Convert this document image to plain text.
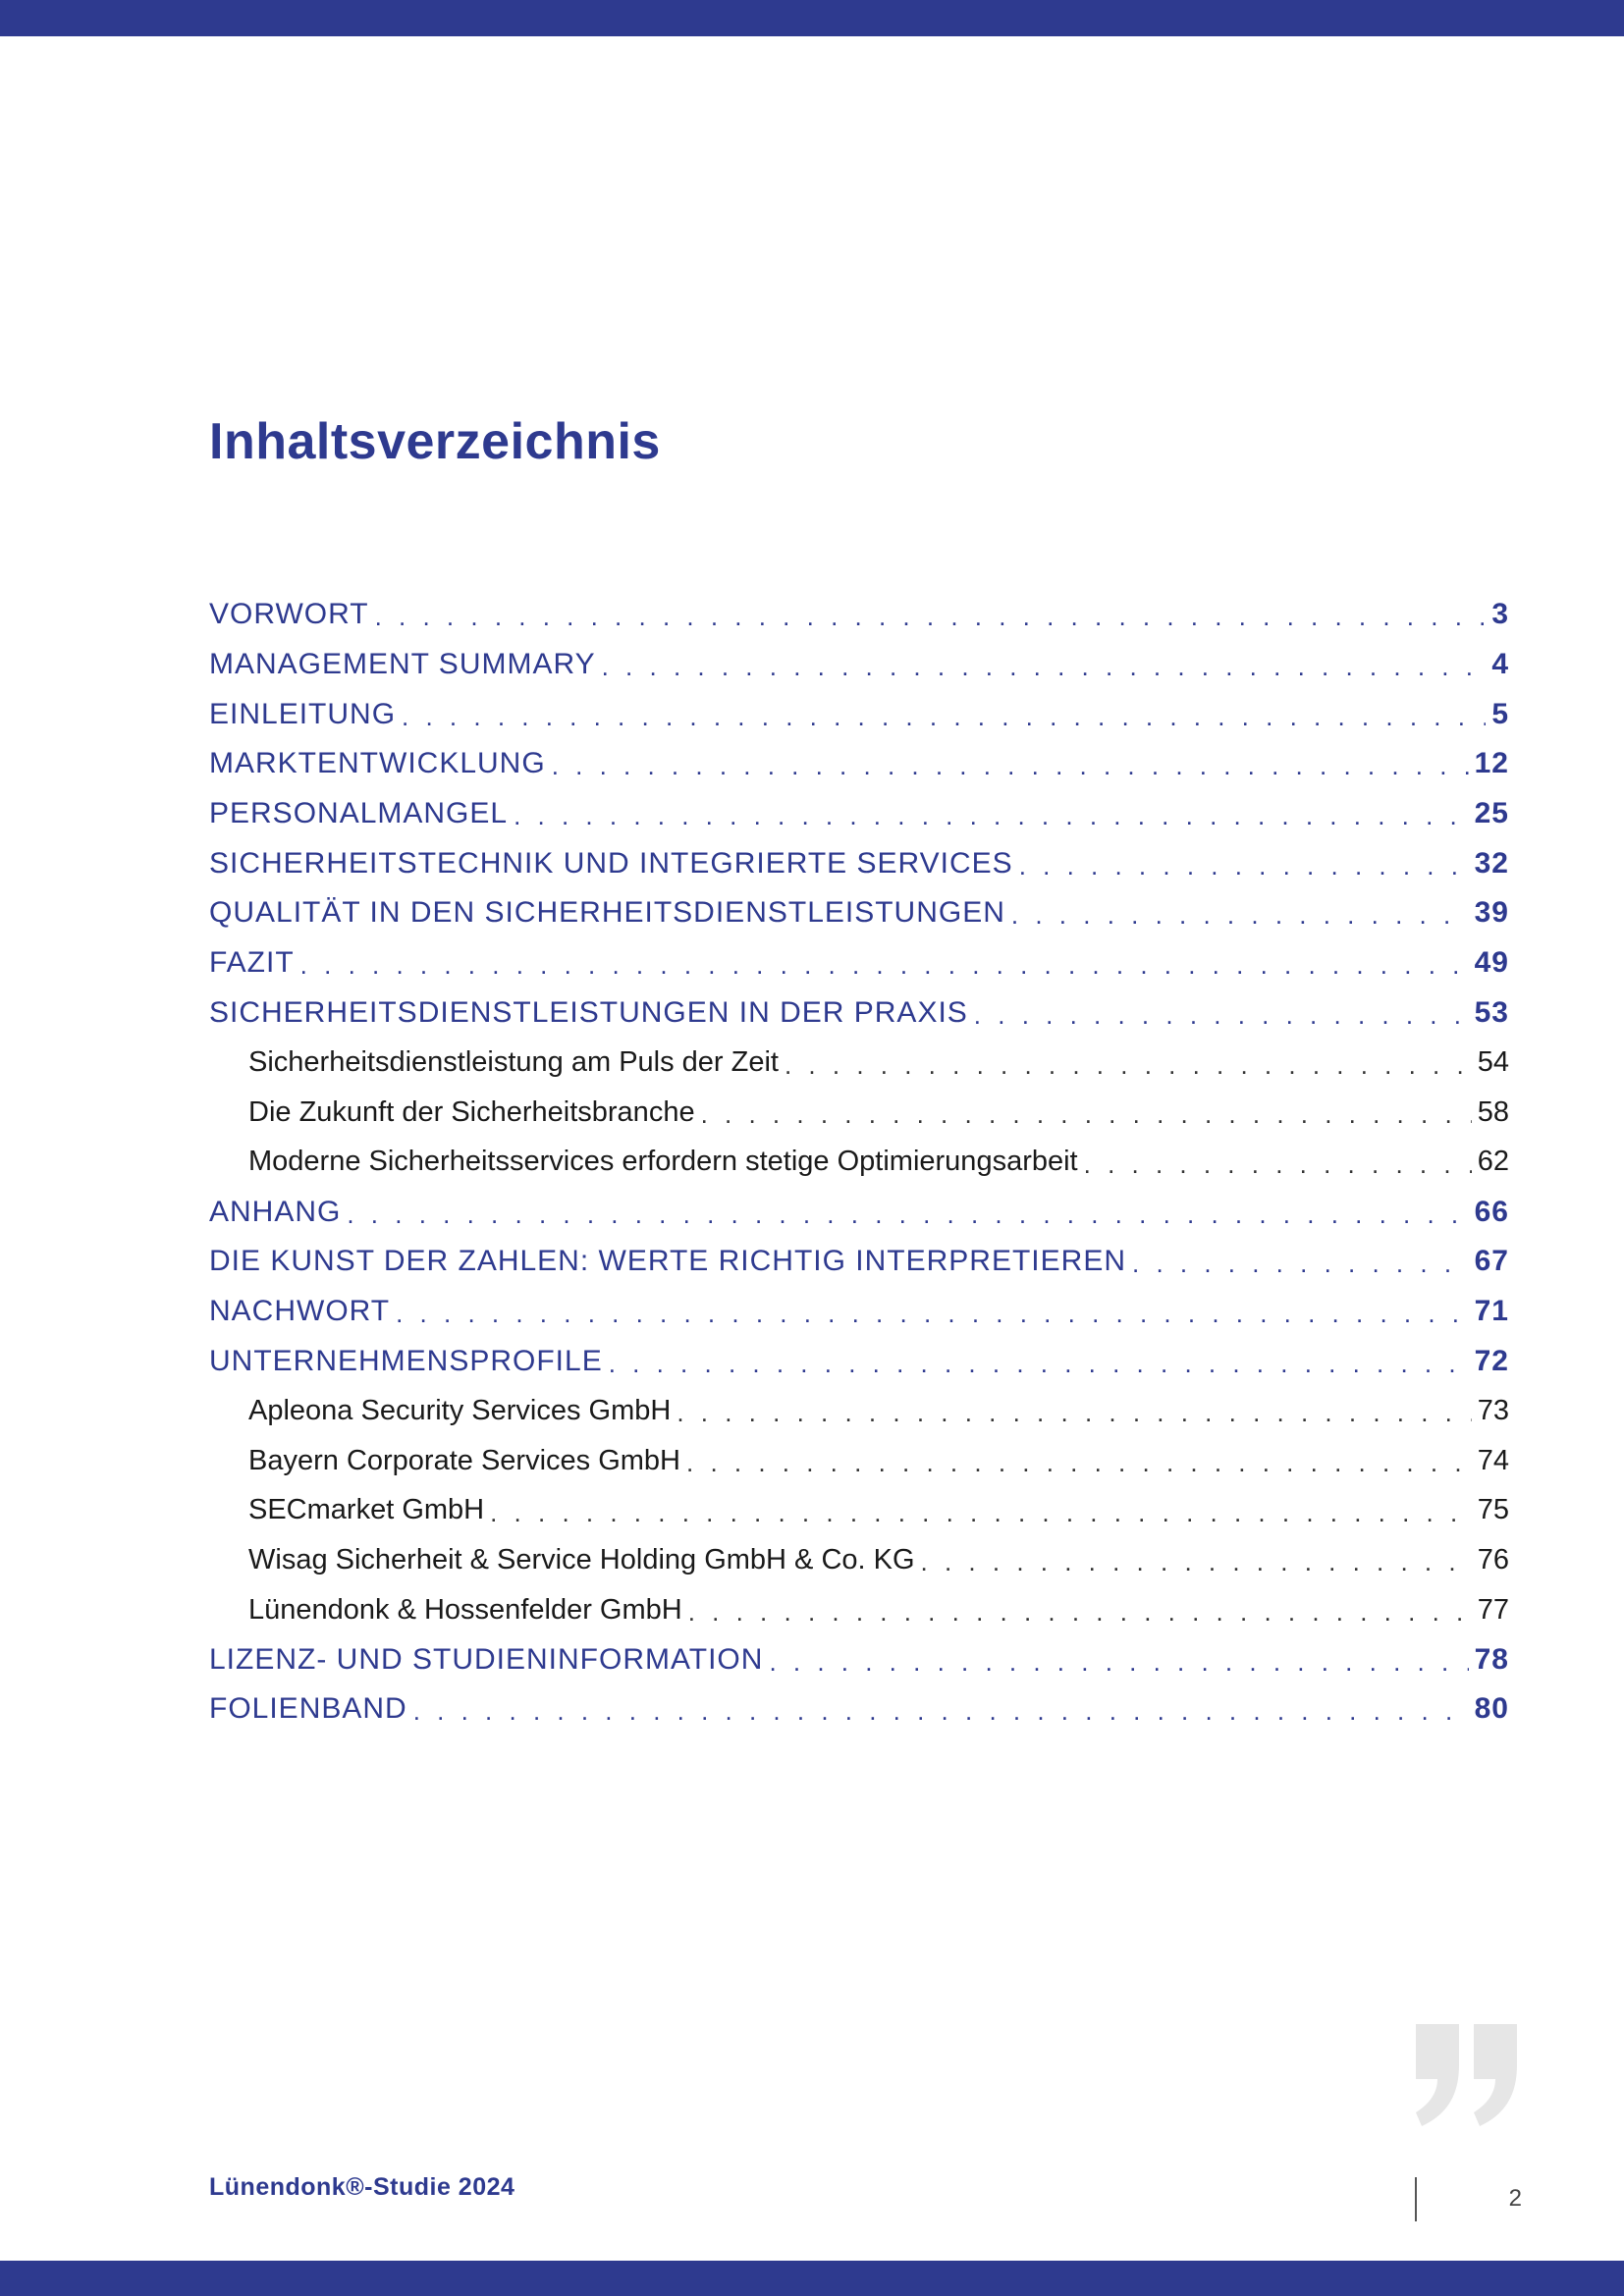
Inhaltsverzeichnis
VORWORT . . .	3
MANAGEMENT SUMMARY . . .	4
EINLEITUNG . . .	5
MARKTENTWICKLUNG . . .	12
PERSONALMANGEL . . .	25
SICHERHEITSTECHNIK UND INTEGRIERTE SERVICES . . .	32
QUALITÄT IN DEN SICHERHEITSDIENSTLEISTUNGEN . . .	39
FAZIT . . .	49
SICHERHEITSDIENSTLEISTUNGEN IN DER PRAXIS . . .	53
Sicherheitsdienstleistung am Puls der Zeit . . .	54
Die Zukunft der Sicherheitsbranche . . .	58
Moderne Sicherheitsservices erfordern stetige Optimierungsarbeit . . .	62
ANHANG . . .	66
DIE KUNST DER ZAHLEN: WERTE RICHTIG INTERPRETIEREN . . .	67
NACHWORT . . .	71
UNTERNEHMENSPROFILE . . .	72
Apleona Security Services GmbH . . .	73
Bayern Corporate Services GmbH . . .	74
SECmarket GmbH . . .	75
Wisag Sicherheit & Service Holding GmbH & Co. KG . . .	76
Lünendonk & Hossenfelder GmbH . . .	77
LIZENZ- UND STUDIENINFORMATION . . .	78
FOLIENBAND . . .	80
Lünendonk®-Studie 2024	2
